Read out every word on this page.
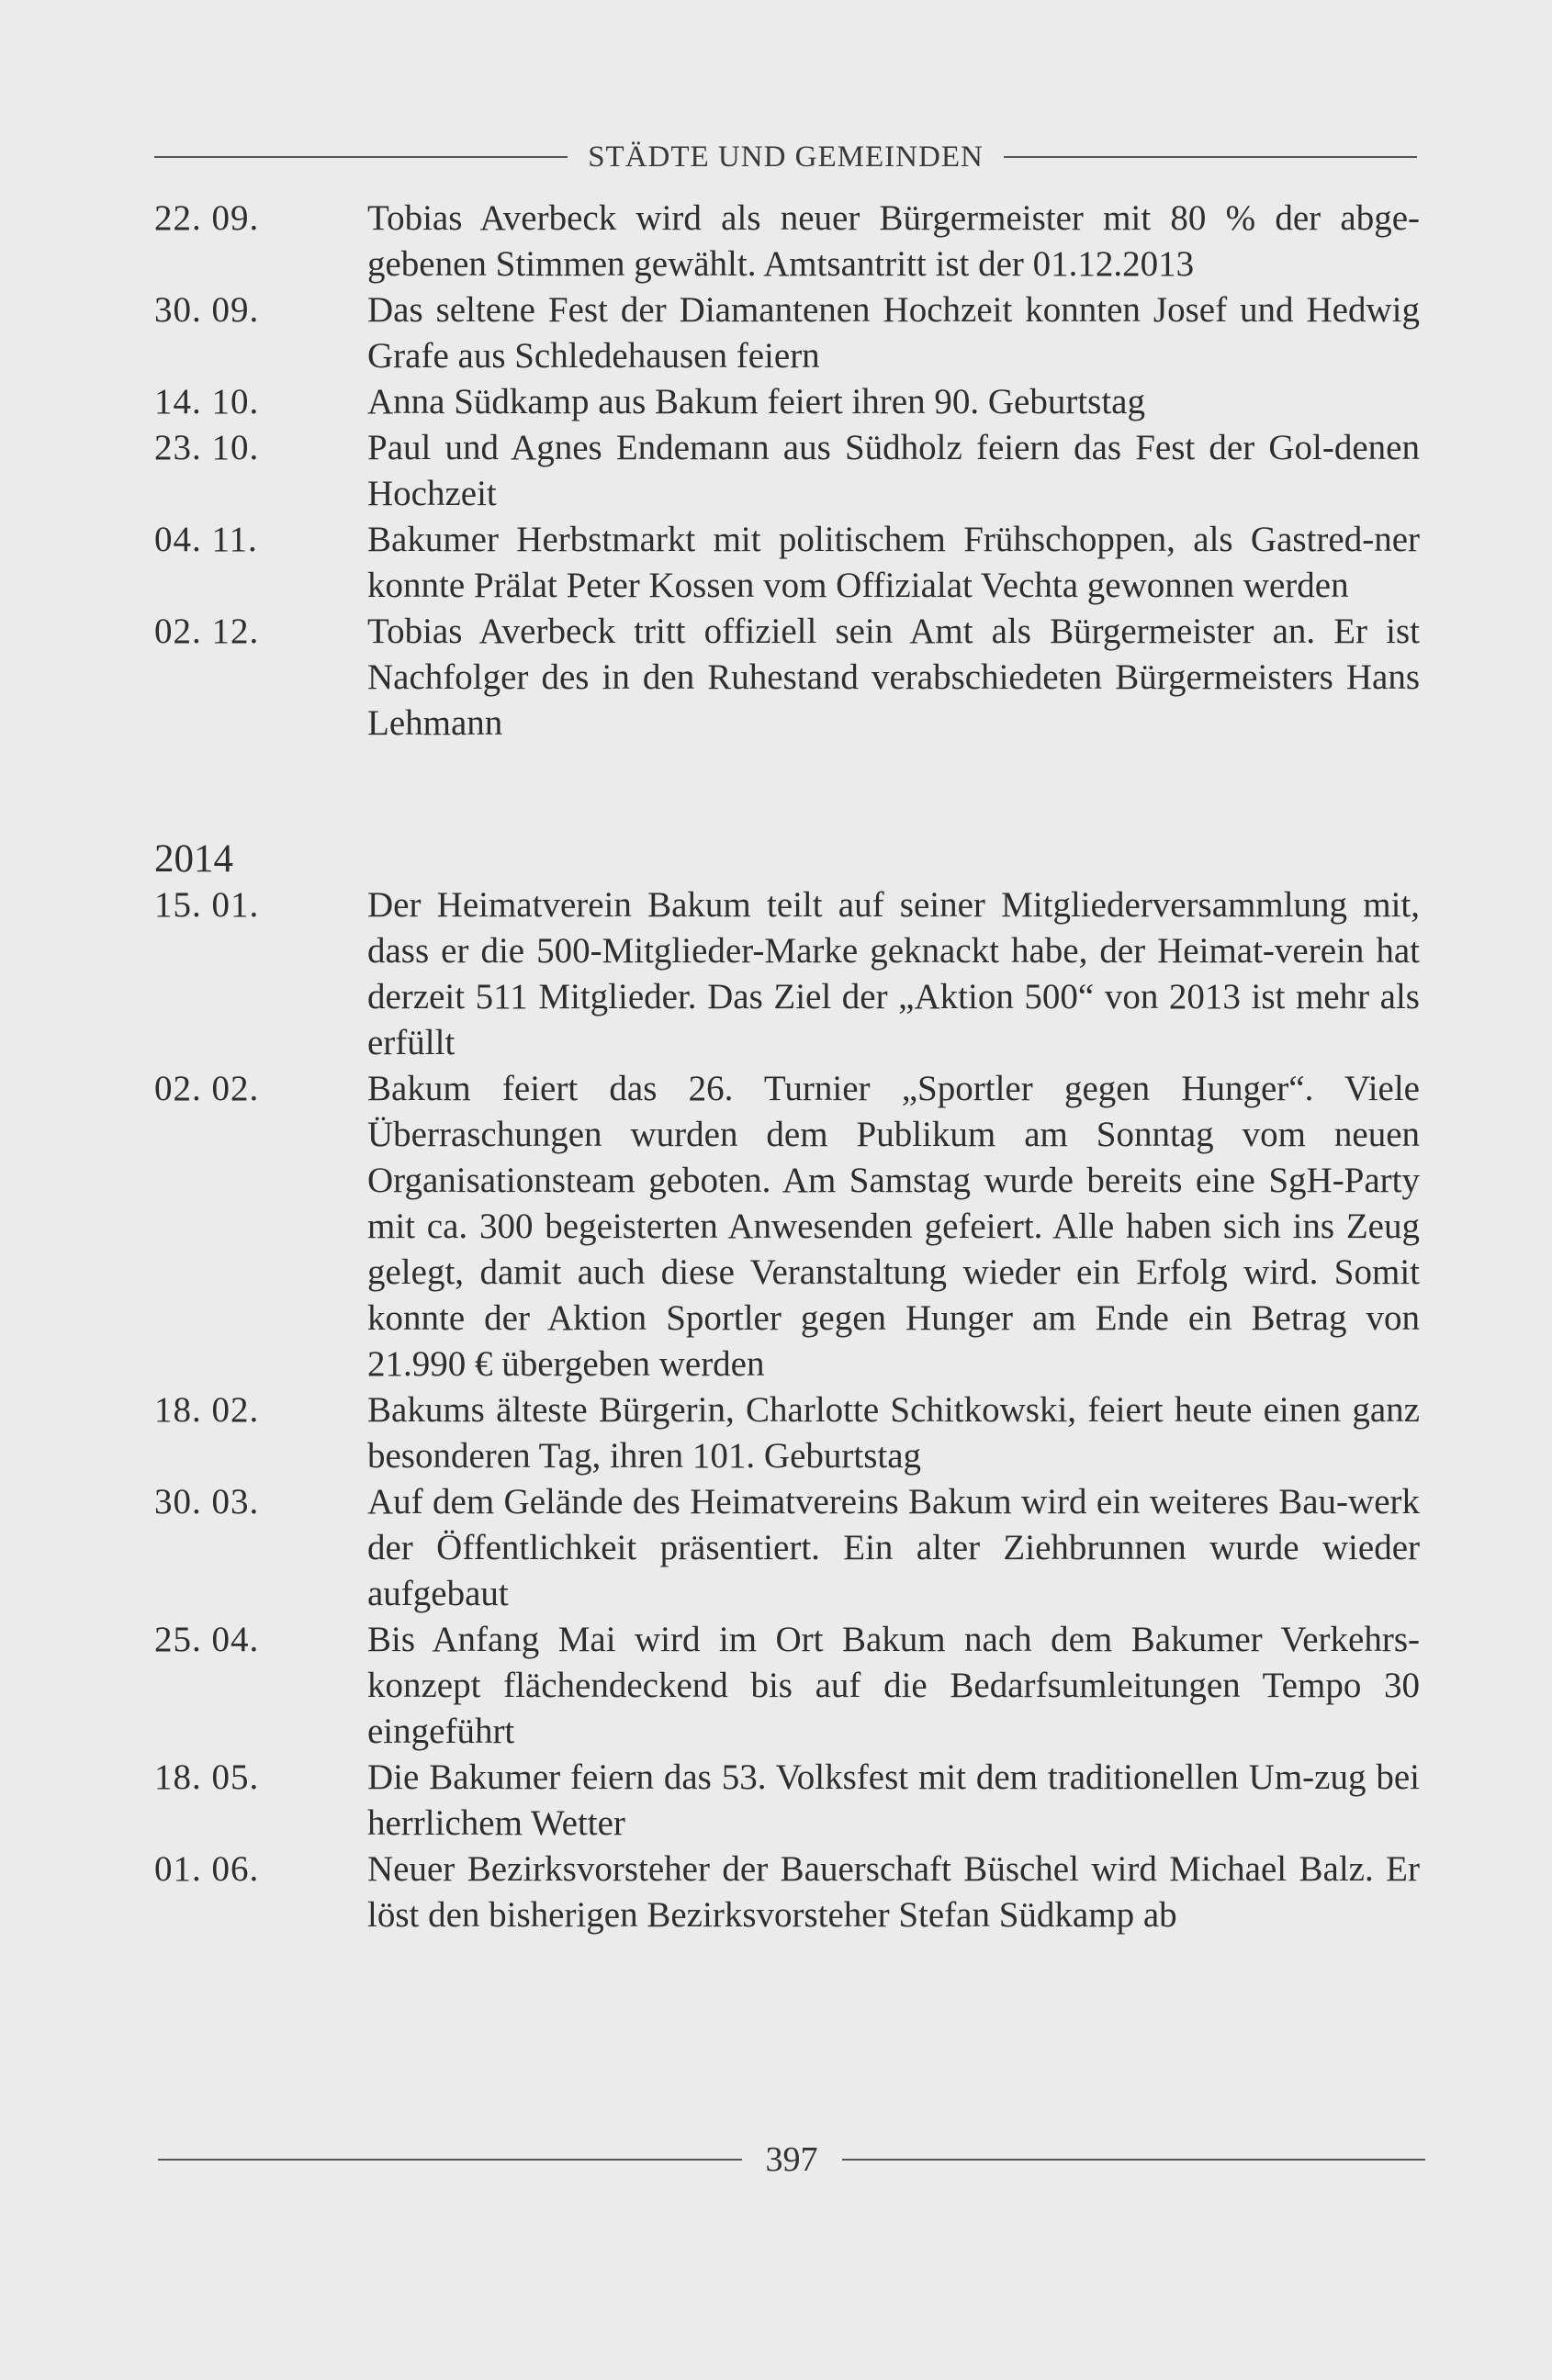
STÄDTE UND GEMEINDEN
22. 09.	Tobias Averbeck wird als neuer Bürgermeister mit 80 % der abge-gebenen Stimmen gewählt. Amtsantritt ist der 01.12.2013
30. 09.	Das seltene Fest der Diamantenen Hochzeit konnten Josef und Hedwig Grafe aus Schledehausen feiern
14. 10.	Anna Südkamp aus Bakum feiert ihren 90. Geburtstag
23. 10.	Paul und Agnes Endemann aus Südholz feiern das Fest der Gol-denen Hochzeit
04. 11.	Bakumer Herbstmarkt mit politischem Frühschoppen, als Gastred-ner konnte Prälat Peter Kossen vom Offizialat Vechta gewonnen werden
02. 12.	Tobias Averbeck tritt offiziell sein Amt als Bürgermeister an. Er ist Nachfolger des in den Ruhestand verabschiedeten Bürgermeisters Hans Lehmann
2014
15. 01.	Der Heimatverein Bakum teilt auf seiner Mitgliederversammlung mit, dass er die 500-Mitglieder-Marke geknackt habe, der Heimat-verein hat derzeit 511 Mitglieder. Das Ziel der „Aktion 500“ von 2013 ist mehr als erfüllt
02. 02.	Bakum feiert das 26. Turnier „Sportler gegen Hunger“. Viele Überraschungen wurden dem Publikum am Sonntag vom neuen Organisationsteam geboten. Am Samstag wurde bereits eine SgH-Party mit ca. 300 begeisterten Anwesenden gefeiert. Alle haben sich ins Zeug gelegt, damit auch diese Veranstaltung wieder ein Erfolg wird. Somit konnte der Aktion Sportler gegen Hunger am Ende ein Betrag von 21.990 € übergeben werden
18. 02.	Bakums älteste Bürgerin, Charlotte Schitkowski, feiert heute einen ganz besonderen Tag, ihren 101. Geburtstag
30. 03.	Auf dem Gelände des Heimatvereins Bakum wird ein weiteres Bau-werk der Öffentlichkeit präsentiert. Ein alter Ziehbrunnen wurde wieder aufgebaut
25. 04.	Bis Anfang Mai wird im Ort Bakum nach dem Bakumer Verkehrs-konzept flächendeckend bis auf die Bedarfsumleitungen Tempo 30 eingeführt
18. 05.	Die Bakumer feiern das 53. Volksfest mit dem traditionellen Um-zug bei herrlichem Wetter
01. 06.	Neuer Bezirksvorsteher der Bauerschaft Büschel wird Michael Balz. Er löst den bisherigen Bezirksvorsteher Stefan Südkamp ab
397
